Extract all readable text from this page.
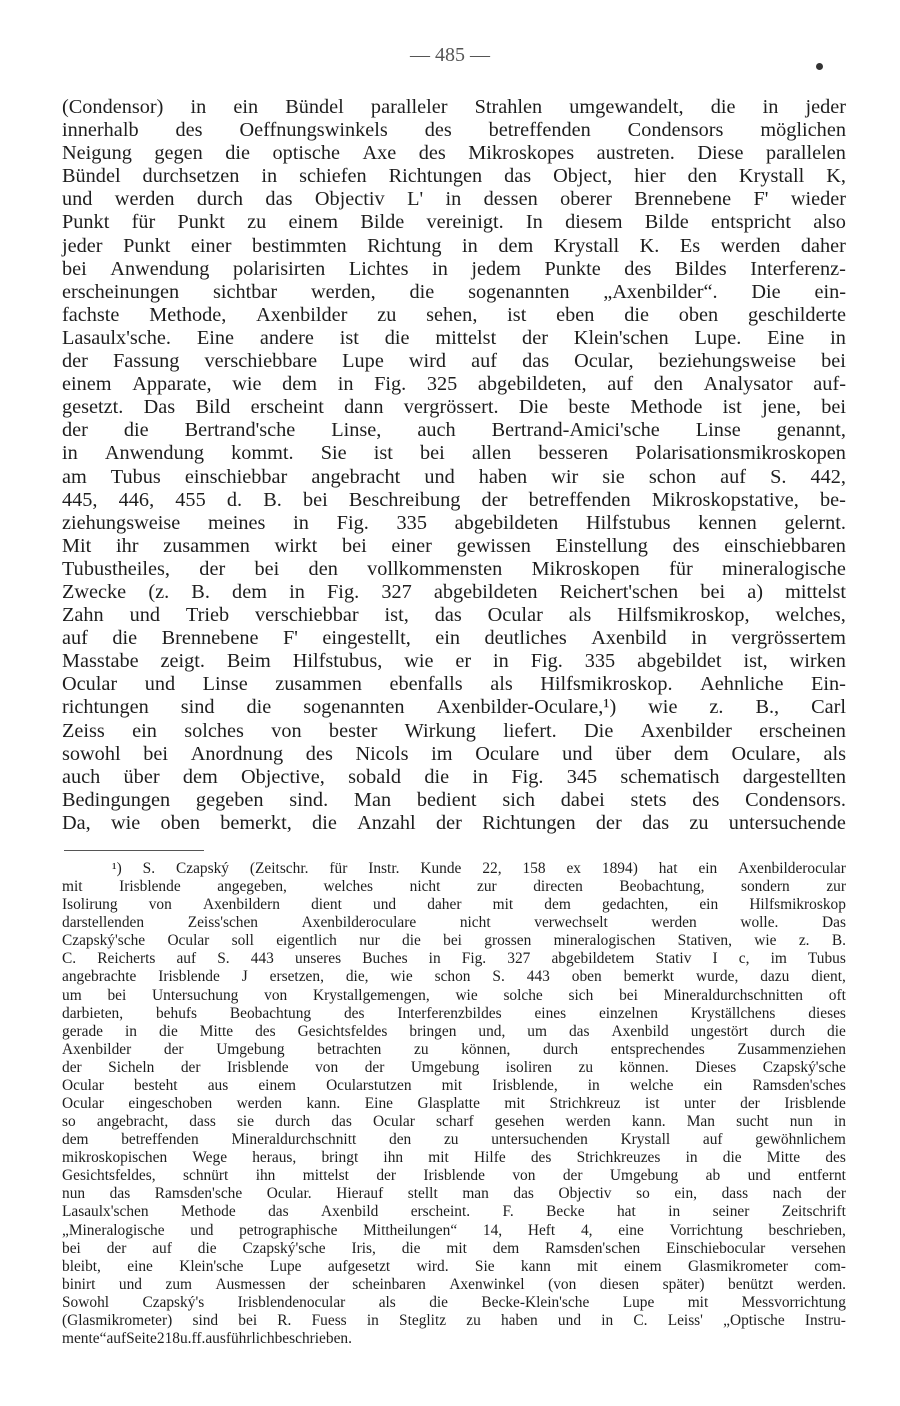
— 485 —
(Condensor) in ein Bündel paralleler Strahlen umgewandelt, die in jeder
innerhalb des Oeffnungswinkels des betreffenden Condensors möglichen
Neigung gegen die optische Axe des Mikroskopes austreten. Diese parallelen
Bündel durchsetzen in schiefen Richtungen das Object, hier den Krystall K,
und werden durch das Objectiv L' in dessen oberer Brennebene F' wieder
Punkt für Punkt zu einem Bilde vereinigt. In diesem Bilde entspricht also
jeder Punkt einer bestimmten Richtung in dem Krystall K. Es werden daher
bei Anwendung polarisirten Lichtes in jedem Punkte des Bildes Interferenz-
erscheinungen sichtbar werden, die sogenannten „Axenbilder“. Die ein-
fachste Methode, Axenbilder zu sehen, ist eben die oben geschilderte
Lasaulx'sche. Eine andere ist die mittelst der Klein'schen Lupe. Eine in
der Fassung verschiebbare Lupe wird auf das Ocular, beziehungsweise bei
einem Apparate, wie dem in Fig. 325 abgebildeten, auf den Analysator auf-
gesetzt. Das Bild erscheint dann vergrössert. Die beste Methode ist jene, bei
der die Bertrand'sche Linse, auch Bertrand-Amici'sche Linse genannt,
in Anwendung kommt. Sie ist bei allen besseren Polarisationsmikroskopen
am Tubus einschiebbar angebracht und haben wir sie schon auf S. 442,
445, 446, 455 d. B. bei Beschreibung der betreffenden Mikroskopstative, be-
ziehungsweise meines in Fig. 335 abgebildeten Hilfstubus kennen gelernt.
Mit ihr zusammen wirkt bei einer gewissen Einstellung des einschiebbaren
Tubustheiles, der bei den vollkommensten Mikroskopen für mineralogische
Zwecke (z. B. dem in Fig. 327 abgebildeten Reichert'schen bei a) mittelst
Zahn und Trieb verschiebbar ist, das Ocular als Hilfsmikroskop, welches,
auf die Brennebene F' eingestellt, ein deutliches Axenbild in vergrössertem
Masstabe zeigt. Beim Hilfstubus, wie er in Fig. 335 abgebildet ist, wirken
Ocular und Linse zusammen ebenfalls als Hilfsmikroskop. Aehnliche Ein-
richtungen sind die sogenannten Axenbilder-Oculare,¹) wie z. B., Carl
Zeiss ein solches von bester Wirkung liefert. Die Axenbilder erscheinen
sowohl bei Anordnung des Nicols im Oculare und über dem Oculare, als
auch über dem Objective, sobald die in Fig. 345 schematisch dargestellten
Bedingungen gegeben sind. Man bedient sich dabei stets des Condensors.
Da, wie oben bemerkt, die Anzahl der Richtungen der das zu untersuchende
¹) S. Czapský (Zeitschr. für Instr. Kunde 22, 158 ex 1894) hat ein Axenbilderocular
mit Irisblende angegeben, welches nicht zur directen Beobachtung, sondern zur
Isolirung von Axenbildern dient und daher mit dem gedachten, ein Hilfsmikroskop
darstellenden	Zeiss'schen	Axenbilderoculare	nicht	verwechselt	werden	wolle.	Das
Czapský'sche Ocular soll eigentlich nur die bei grossen mineralogischen Stativen, wie z. B.
C. Reicherts auf S. 443 unseres Buches in Fig. 327 abgebildetem Stativ I c, im Tubus
angebrachte Irisblende J ersetzen, die, wie schon S. 443 oben bemerkt wurde, dazu dient,
um bei Untersuchung von Krystallgemengen, wie solche sich bei Mineraldurchschnitten oft
darbieten, behufs Beobachtung des Interferenzbildes eines einzelnen Kryställchens dieses
gerade in die Mitte des Gesichtsfeldes bringen und, um das Axenbild ungestört durch die
Axenbilder der Umgebung betrachten zu können, durch entsprechendes Zusammenziehen
der Sicheln der Irisblende von der Umgebung isoliren zu können. Dieses Czapský'sche
Ocular besteht aus einem Ocularstutzen mit Irisblende, in welche ein Ramsden'sches
Ocular eingeschoben werden kann. Eine Glasplatte mit Strichkreuz ist unter der Irisblende
so angebracht, dass sie durch das Ocular scharf gesehen werden kann. Man sucht nun in
dem betreffenden Mineraldurchschnitt den zu untersuchenden Krystall auf gewöhnlichem
mikroskopischen Wege heraus, bringt ihn mit Hilfe des Strichkreuzes in die Mitte des
Gesichtsfeldes, schnürt ihn mittelst der Irisblende von der Umgebung ab und entfernt
nun das Ramsden'sche Ocular. Hierauf stellt man das Objectiv so ein, dass nach der
Lasaulx'schen Methode das Axenbild erscheint. F. Becke hat in seiner Zeitschrift
„Mineralogische und petrographische Mittheilungen“ 14, Heft 4, eine Vorrichtung beschrieben,
bei der auf die Czapský'sche Iris, die mit dem Ramsden'schen Einschiebocular versehen
bleibt, eine Klein'sche Lupe aufgesetzt wird. Sie kann mit einem Glasmikrometer com-
binirt und zum Ausmessen der scheinbaren Axenwinkel (von diesen später) benützt werden.
Sowohl Czapský's Irisblendenocular als die Becke-Klein'sche Lupe mit Messvorrichtung
(Glasmikrometer) sind bei R. Fuess in Steglitz zu haben und in C. Leiss' „Optische Instru-
mente“ auf Seite 218 u. ff. ausführlich beschrieben.
